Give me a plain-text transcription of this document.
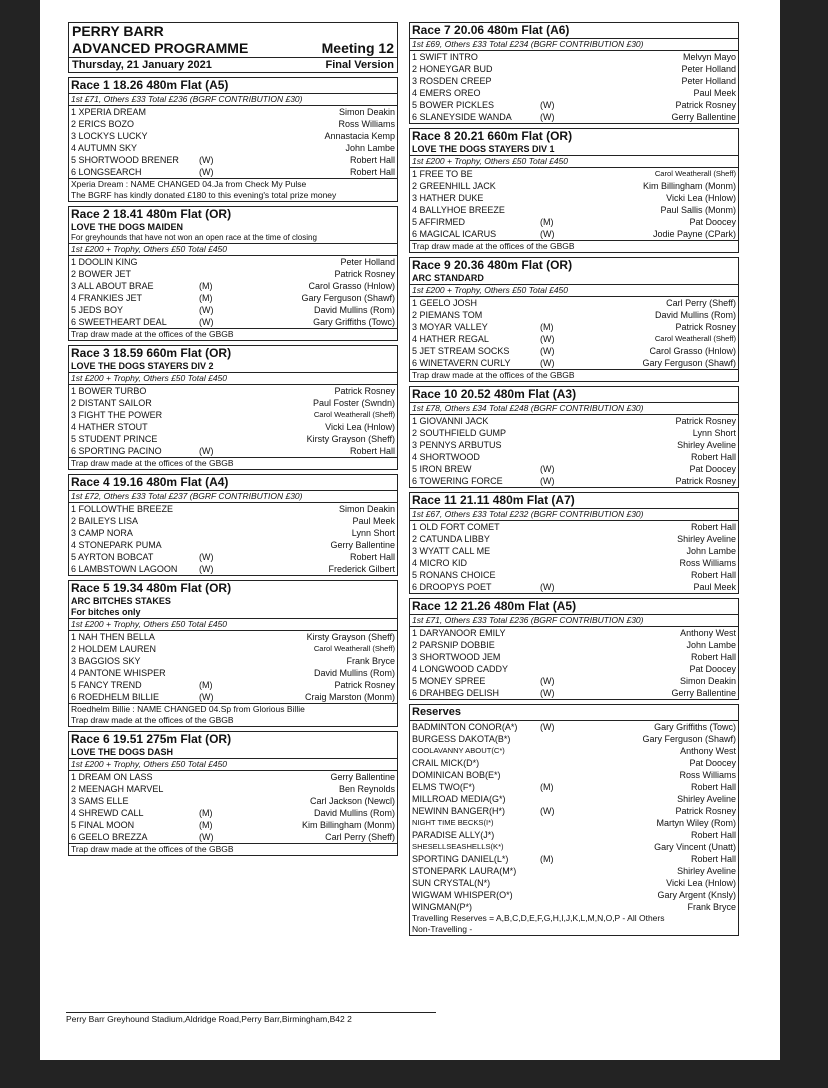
PERRY BARR
ADVANCED PROGRAMME	Meeting 12
Thursday, 21 January 2021	Final Version
Race 1 18.26 480m Flat (A5)
1st £71, Others £33 Total £236 (BGRF CONTRIBUTION £30)
1 XPERIA DREAM	Simon Deakin
2 ERICS BOZO	Ross Williams
3 LOCKYS LUCKY	Annastacia Kemp
4 AUTUMN SKY	John Lambe
5 SHORTWOOD BRENER	(W)	Robert Hall
6 LONGSEARCH	(W)	Robert Hall
Xperia Dream : NAME CHANGED 04.Ja from Check My Pulse
The BGRF has kindly donated £180 to this evening's total prize money
Race 2 18.41 480m Flat (OR)
LOVE THE DOGS MAIDEN
For greyhounds that have not won an open race at the time of closing
1st £200 + Trophy, Others £50 Total £450
1 DOOLIN KING	Peter Holland
2 BOWER JET	Patrick Rosney
3 ALL ABOUT BRAE	(M)	Carol Grasso (Hnlow)
4 FRANKIES JET	(M)	Gary Ferguson (Shawf)
5 JEDS BOY	(W)	David Mullins (Rom)
6 SWEETHEART DEAL	(W)	Gary Griffiths (Towc)
Trap draw made at the offices of the GBGB
Race 3 18.59 660m Flat (OR)
LOVE THE DOGS STAYERS DIV 2
1st £200 + Trophy, Others £50 Total £450
1 BOWER TURBO	Patrick Rosney
2 DISTANT SAILOR	Paul Foster (Swndn)
3 FIGHT THE POWER	Carol Weatherall (Sheff)
4 HATHER STOUT	Vicki Lea (Hnlow)
5 STUDENT PRINCE	Kirsty Grayson (Sheff)
6 SPORTING PACINO	(W)	Robert Hall
Trap draw made at the offices of the GBGB
Race 4 19.16 480m Flat (A4)
1st £72, Others £33 Total £237 (BGRF CONTRIBUTION £30)
1 FOLLOWTHE BREEZE	Simon Deakin
2 BAILEYS LISA	Paul Meek
3 CAMP NORA	Lynn Short
4 STONEPARK PUMA	Gerry Ballentine
5 AYRTON BOBCAT	(W)	Robert Hall
6 LAMBSTOWN LAGOON	(W)	Frederick Gilbert
Race 5 19.34 480m Flat (OR)
ARC BITCHES STAKES
For bitches only
1st £200 + Trophy, Others £50 Total £450
1 NAH THEN BELLA	Kirsty Grayson (Sheff)
2 HOLDEM LAUREN	Carol Weatherall (Sheff)
3 BAGGIOS SKY	Frank Bryce
4 PANTONE WHISPER	David Mullins (Rom)
5 FANCY TREND	(M)	Patrick Rosney
6 ROEDHELM BILLIE	(W)	Craig Marston (Monm)
Roedhelm Billie : NAME CHANGED 04.Sp from Glorious Billie
Trap draw made at the offices of the GBGB
Race 6 19.51 275m Flat (OR)
LOVE THE DOGS DASH
1st £200 + Trophy, Others £50 Total £450
1 DREAM ON LASS	Gerry Ballentine
2 MEENAGH MARVEL	Ben Reynolds
3 SAMS ELLE	Carl Jackson (Newcl)
4 SHREWD CALL	(M)	David Mullins (Rom)
5 FINAL MOON	(M)	Kim Billingham (Monm)
6 GEELO BREZZA	(W)	Carl Perry (Sheff)
Trap draw made at the offices of the GBGB
Race 7 20.06 480m Flat (A6)
1st £69, Others £33 Total £234 (BGRF CONTRIBUTION £30)
1 SWIFT INTRO	Melvyn Mayo
2 HONEYGAR BUD	Peter Holland
3 ROSDEN CREEP	Peter Holland
4 EMERS OREO	Paul Meek
5 BOWER PICKLES	(W)	Patrick Rosney
6 SLANEYSIDE WANDA	(W)	Gerry Ballentine
Race 8 20.21 660m Flat (OR)
LOVE THE DOGS STAYERS DIV 1
1st £200 + Trophy, Others £50 Total £450
1 FREE TO BE	Carol Weatherall (Sheff)
2 GREENHILL JACK	Kim Billingham (Monm)
3 HATHER DUKE	Vicki Lea (Hnlow)
4 BALLYHOE BREEZE	Paul Sallis (Monm)
5 AFFIRMED	(M)	Pat Doocey
6 MAGICAL ICARUS	(W)	Jodie Payne (CPark)
Trap draw made at the offices of the GBGB
Race 9 20.36 480m Flat (OR)
ARC STANDARD
1st £200 + Trophy, Others £50 Total £450
1 GEELO JOSH	Carl Perry (Sheff)
2 PIEMANS TOM	David Mullins (Rom)
3 MOYAR VALLEY	(M)	Patrick Rosney
4 HATHER REGAL	(W)	Carol Weatherall (Sheff)
5 JET STREAM SOCKS	(W)	Carol Grasso (Hnlow)
6 WINETAVERN CURLY	(W)	Gary Ferguson (Shawf)
Trap draw made at the offices of the GBGB
Race 10 20.52 480m Flat (A3)
1st £78, Others £34 Total £248 (BGRF CONTRIBUTION £30)
1 GIOVANNI JACK	Patrick Rosney
2 SOUTHFIELD GUMP	Lynn Short
3 PENNYS ARBUTUS	Shirley Aveline
4 SHORTWOOD	Robert Hall
5 IRON BREW	(W)	Pat Doocey
6 TOWERING FORCE	(W)	Patrick Rosney
Race 11 21.11 480m Flat (A7)
1st £67, Others £33 Total £232 (BGRF CONTRIBUTION £30)
1 OLD FORT COMET	Robert Hall
2 CATUNDA LIBBY	Shirley Aveline
3 WYATT CALL ME	John Lambe
4 MICRO KID	Ross Williams
5 RONANS CHOICE	Robert Hall
6 DROOPYS POET	(W)	Paul Meek
Race 12 21.26 480m Flat (A5)
1st £71, Others £33 Total £236 (BGRF CONTRIBUTION £30)
1 DARYANOOR EMILY	Anthony West
2 PARSNIP DOBBIE	John Lambe
3 SHORTWOOD JEM	Robert Hall
4 LONGWOOD CADDY	Pat Doocey
5 MONEY SPREE	(W)	Simon Deakin
6 DRAHBEG DELISH	(W)	Gerry Ballentine
Reserves
BADMINTON CONOR(A*)	(W)	Gary Griffiths (Towc)
BURGESS DAKOTA(B*)	Gary Ferguson (Shawf)
COOLAVANNY ABOUT(C*)	Anthony West
CRAIL MICK(D*)	Pat Doocey
DOMINICAN BOB(E*)	Ross Williams
ELMS TWO(F*)	(M)	Robert Hall
MILLROAD MEDIA(G*)	Shirley Aveline
NEWINN BANGER(H*)	(W)	Patrick Rosney
NIGHT TIME BECKS(I*)	Martyn Wiley (Rom)
PARADISE ALLY(J*)	Robert Hall
SHESELLSEASHELLS(K*)	Gary Vincent (Unatt)
SPORTING DANIEL(L*)	(M)	Robert Hall
STONEPARK LAURA(M*)	Shirley Aveline
SUN CRYSTAL(N*)	Vicki Lea (Hnlow)
WIGWAM WHISPER(O*)	Gary Argent (Knsly)
WINGMAN(P*)	Frank Bryce
Travelling Reserves = A,B,C,D,E,F,G,H,I,J,K,L,M,N,O,P - All Others
Non-Travelling -
Perry Barr Greyhound Stadium,Aldridge Road,Perry Barr,Birmingham,B42 2
